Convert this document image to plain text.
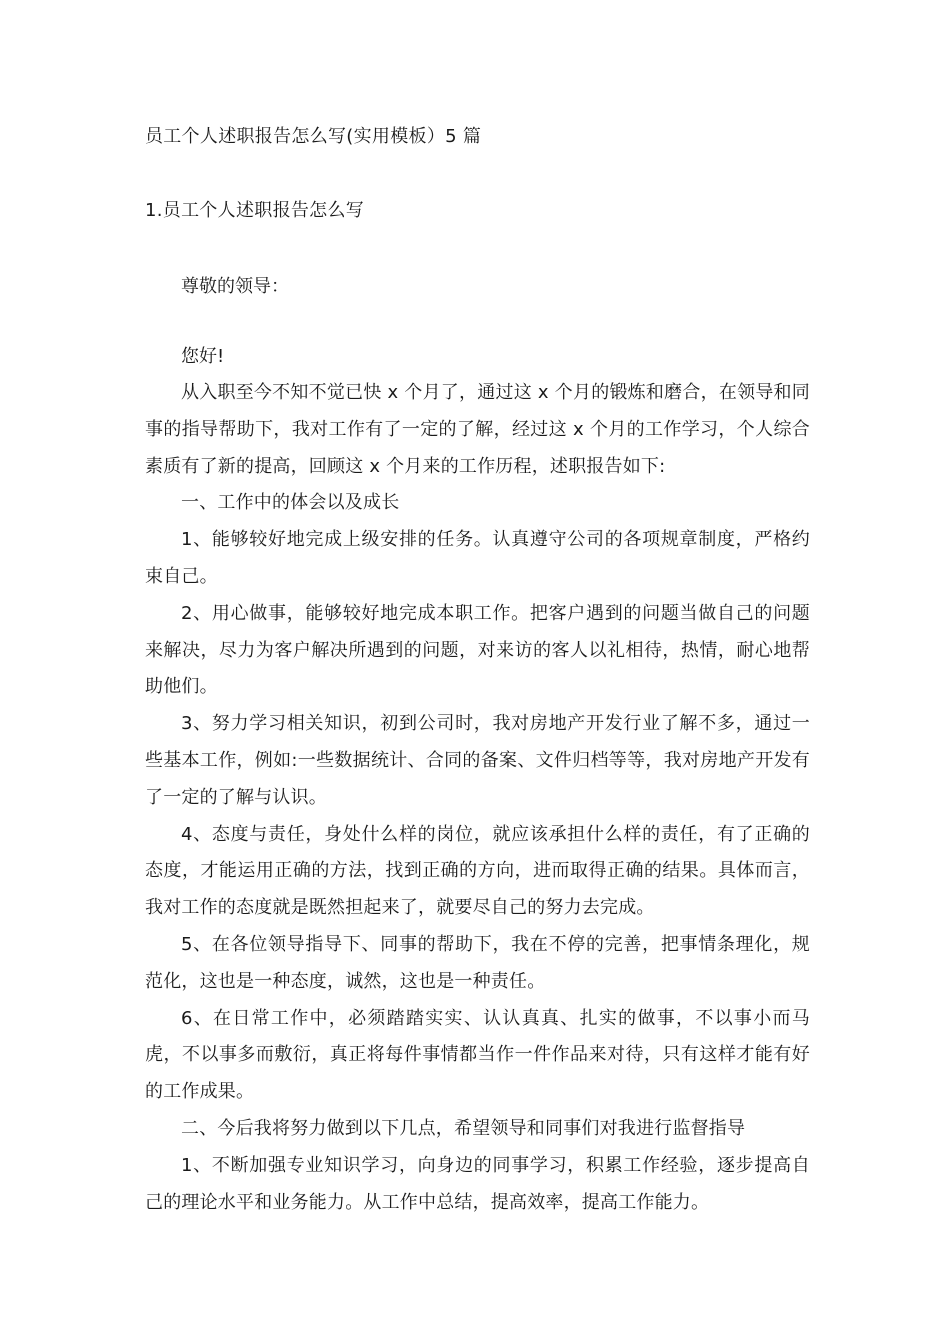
员工个人述职报告怎么写(实用模板）5 篇
1.员工个人述职报告怎么写
尊敬的领导：
您好!

从入职至今不知不觉已快 x 个月了，通过这 x 个月的锻炼和磨合，在领导和同事的指导帮助下，我对工作有了一定的了解，经过这 x 个月的工作学习，个人综合素质有了新的提高，回顾这 x 个月来的工作历程，述职报告如下:

一、工作中的体会以及成长

1、能够较好地完成上级安排的任务。认真遵守公司的各项规章制度，严格约束自己。

2、用心做事，能够较好地完成本职工作。把客户遇到的问题当做自己的问题来解决，尽力为客户解决所遇到的问题，对来访的客人以礼相待，热情，耐心地帮助他们。

3、努力学习相关知识，初到公司时，我对房地产开发行业了解不多，通过一些基本工作，例如:一些数据统计、合同的备案、文件归档等等，我对房地产开发有了一定的了解与认识。

4、态度与责任，身处什么样的岗位，就应该承担什么样的责任，有了正确的态度，才能运用正确的方法，找到正确的方向，进而取得正确的结果。具体而言，我对工作的态度就是既然担起来了，就要尽自己的努力去完成。

5、在各位领导指导下、同事的帮助下，我在不停的完善，把事情条理化，规范化，这也是一种态度，诚然，这也是一种责任。

6、在日常工作中，必须踏踏实实、认认真真、扎实的做事，不以事小而马虎，不以事多而敷衍，真正将每件事情都当作一件作品来对待，只有这样才能有好的工作成果。

二、今后我将努力做到以下几点，希望领导和同事们对我进行监督指导

1、不断加强专业知识学习，向身边的同事学习，积累工作经验，逐步提高自己的理论水平和业务能力。从工作中总结，提高效率，提高工作能力。
